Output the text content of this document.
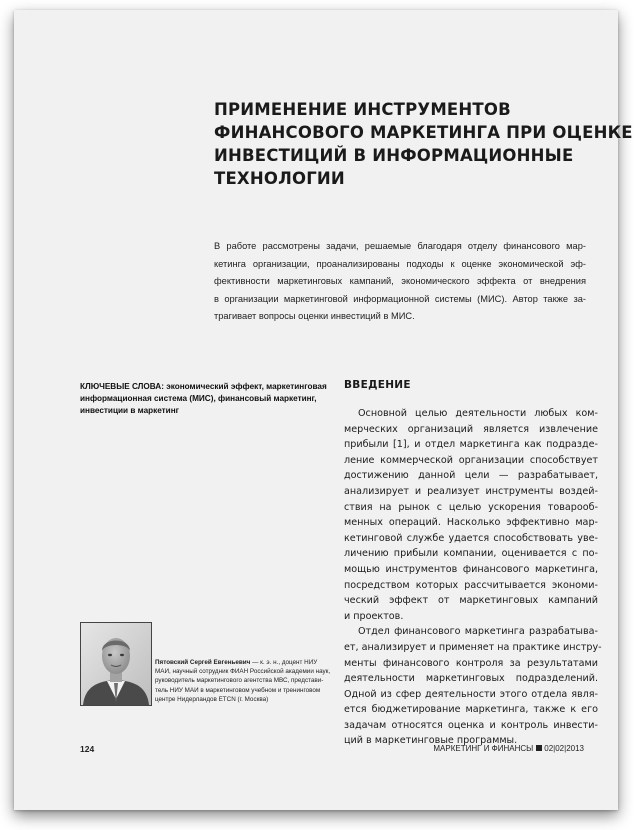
ПРИМЕНЕНИЕ ИНСТРУМЕНТОВ
ФИНАНСОВОГО МАРКЕТИНГА ПРИ ОЦЕНКЕ
ИНВЕСТИЦИЙ В ИНФОРМАЦИОННЫЕ
ТЕХНОЛОГИИ
В работе рассмотрены задачи, решаемые благодаря отделу финансового мар-
кетинга организации, проанализированы подходы к оценке экономической эф-
фективности маркетинговых кампаний, экономического эффекта от внедрения
в организации маркетинговой информационной системы (МИС). Автор также за-
трагивает вопросы оценки инвестиций в МИС.
КЛЮЧЕВЫЕ СЛОВА: экономический эффект, маркетинговая
информационная система (МИС), финансовый маркетинг,
инвестиции в маркетинг
ВВЕДЕНИЕ
Основной целью деятельности любых ком-
мерческих организаций является извлечение
прибыли [1], и отдел маркетинга как подразде-
ление коммерческой организации способствует
достижению данной цели — разрабатывает,
анализирует и реализует инструменты воздей-
ствия на рынок с целью ускорения товарооб-
менных операций. Насколько эффективно мар-
кетинговой службе удается способствовать уве-
личению прибыли компании, оценивается с по-
мощью инструментов финансового маркетинга,
посредством которых рассчитывается экономи-
ческий эффект от маркетинговых кампаний
и проектов.
Отдел финансового маркетинга разрабатыва-
ет, анализирует и применяет на практике инстру-
менты финансового контроля за результатами
деятельности маркетинговых подразделений.
Одной из сфер деятельности этого отдела явля-
ется бюджетирование маркетинга, также к его
задачам относятся оценка и контроль инвести-
ций в маркетинговые программы.
Пятовский Сергей Евгеньевич — к. э. н., доцент НИУ
МАИ, научный сотрудник ФИАН Российской академии наук,
руководитель маркетингового агентства МВС, представи-
тель НИУ МАИ в маркетинговом учебном и тренинговом
центре Нидерландов ETCN (г. Москва)
124	МАРКЕТИНГ И ФИНАНСЫ 02|02|2013
